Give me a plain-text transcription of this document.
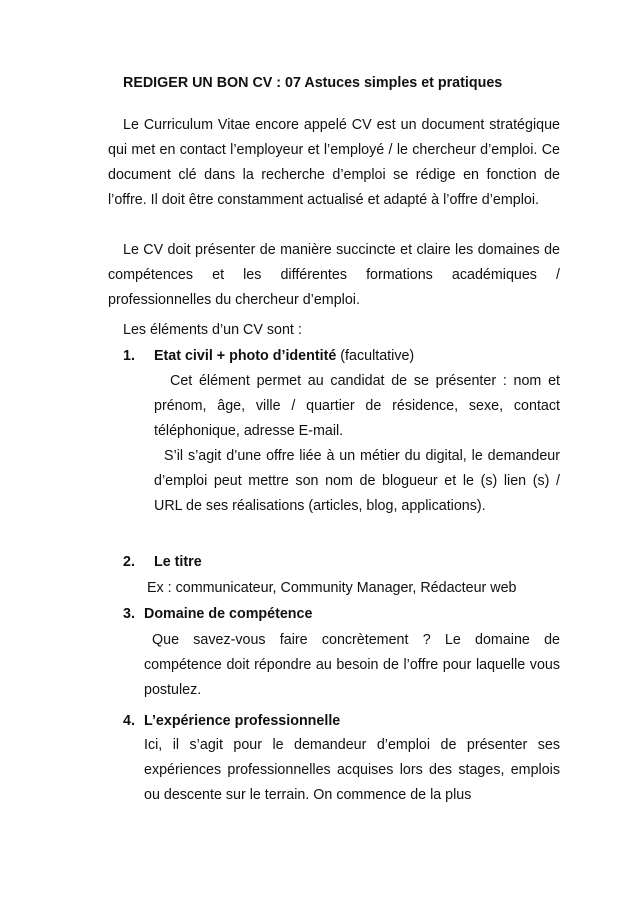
REDIGER UN BON CV : 07 Astuces simples et pratiques
Le Curriculum Vitae encore appelé CV est un document stratégique qui met en contact l’employeur et l’employé / le chercheur d’emploi. Ce document clé dans la recherche d’emploi se rédige en fonction de l’offre. Il doit être constamment actualisé et adapté à l’offre d’emploi.
Le CV doit présenter de manière succincte et claire les domaines de compétences et les différentes formations académiques / professionnelles du chercheur d’emploi.
Les éléments d’un CV sont :
1. Etat civil + photo d’identité (facultative)
Cet élément permet au candidat de se présenter : nom et prénom, âge, ville / quartier de résidence, sexe, contact téléphonique, adresse E-mail.
S’il s’agit d’une offre liée à un métier du digital, le demandeur d’emploi peut mettre son nom de blogueur et le (s) lien (s) / URL de ses réalisations (articles, blog, applications).
2. Le titre
Ex : communicateur, Community Manager, Rédacteur web
3. Domaine de compétence
Que savez-vous faire concrètement ? Le domaine de compétence doit répondre au besoin de l’offre pour laquelle vous postulez.
4. L’expérience professionnelle
Ici, il s’agit pour le demandeur d’emploi de présenter ses expériences professionnelles acquises lors des stages, emplois ou descente sur le terrain. On commence de la plus
